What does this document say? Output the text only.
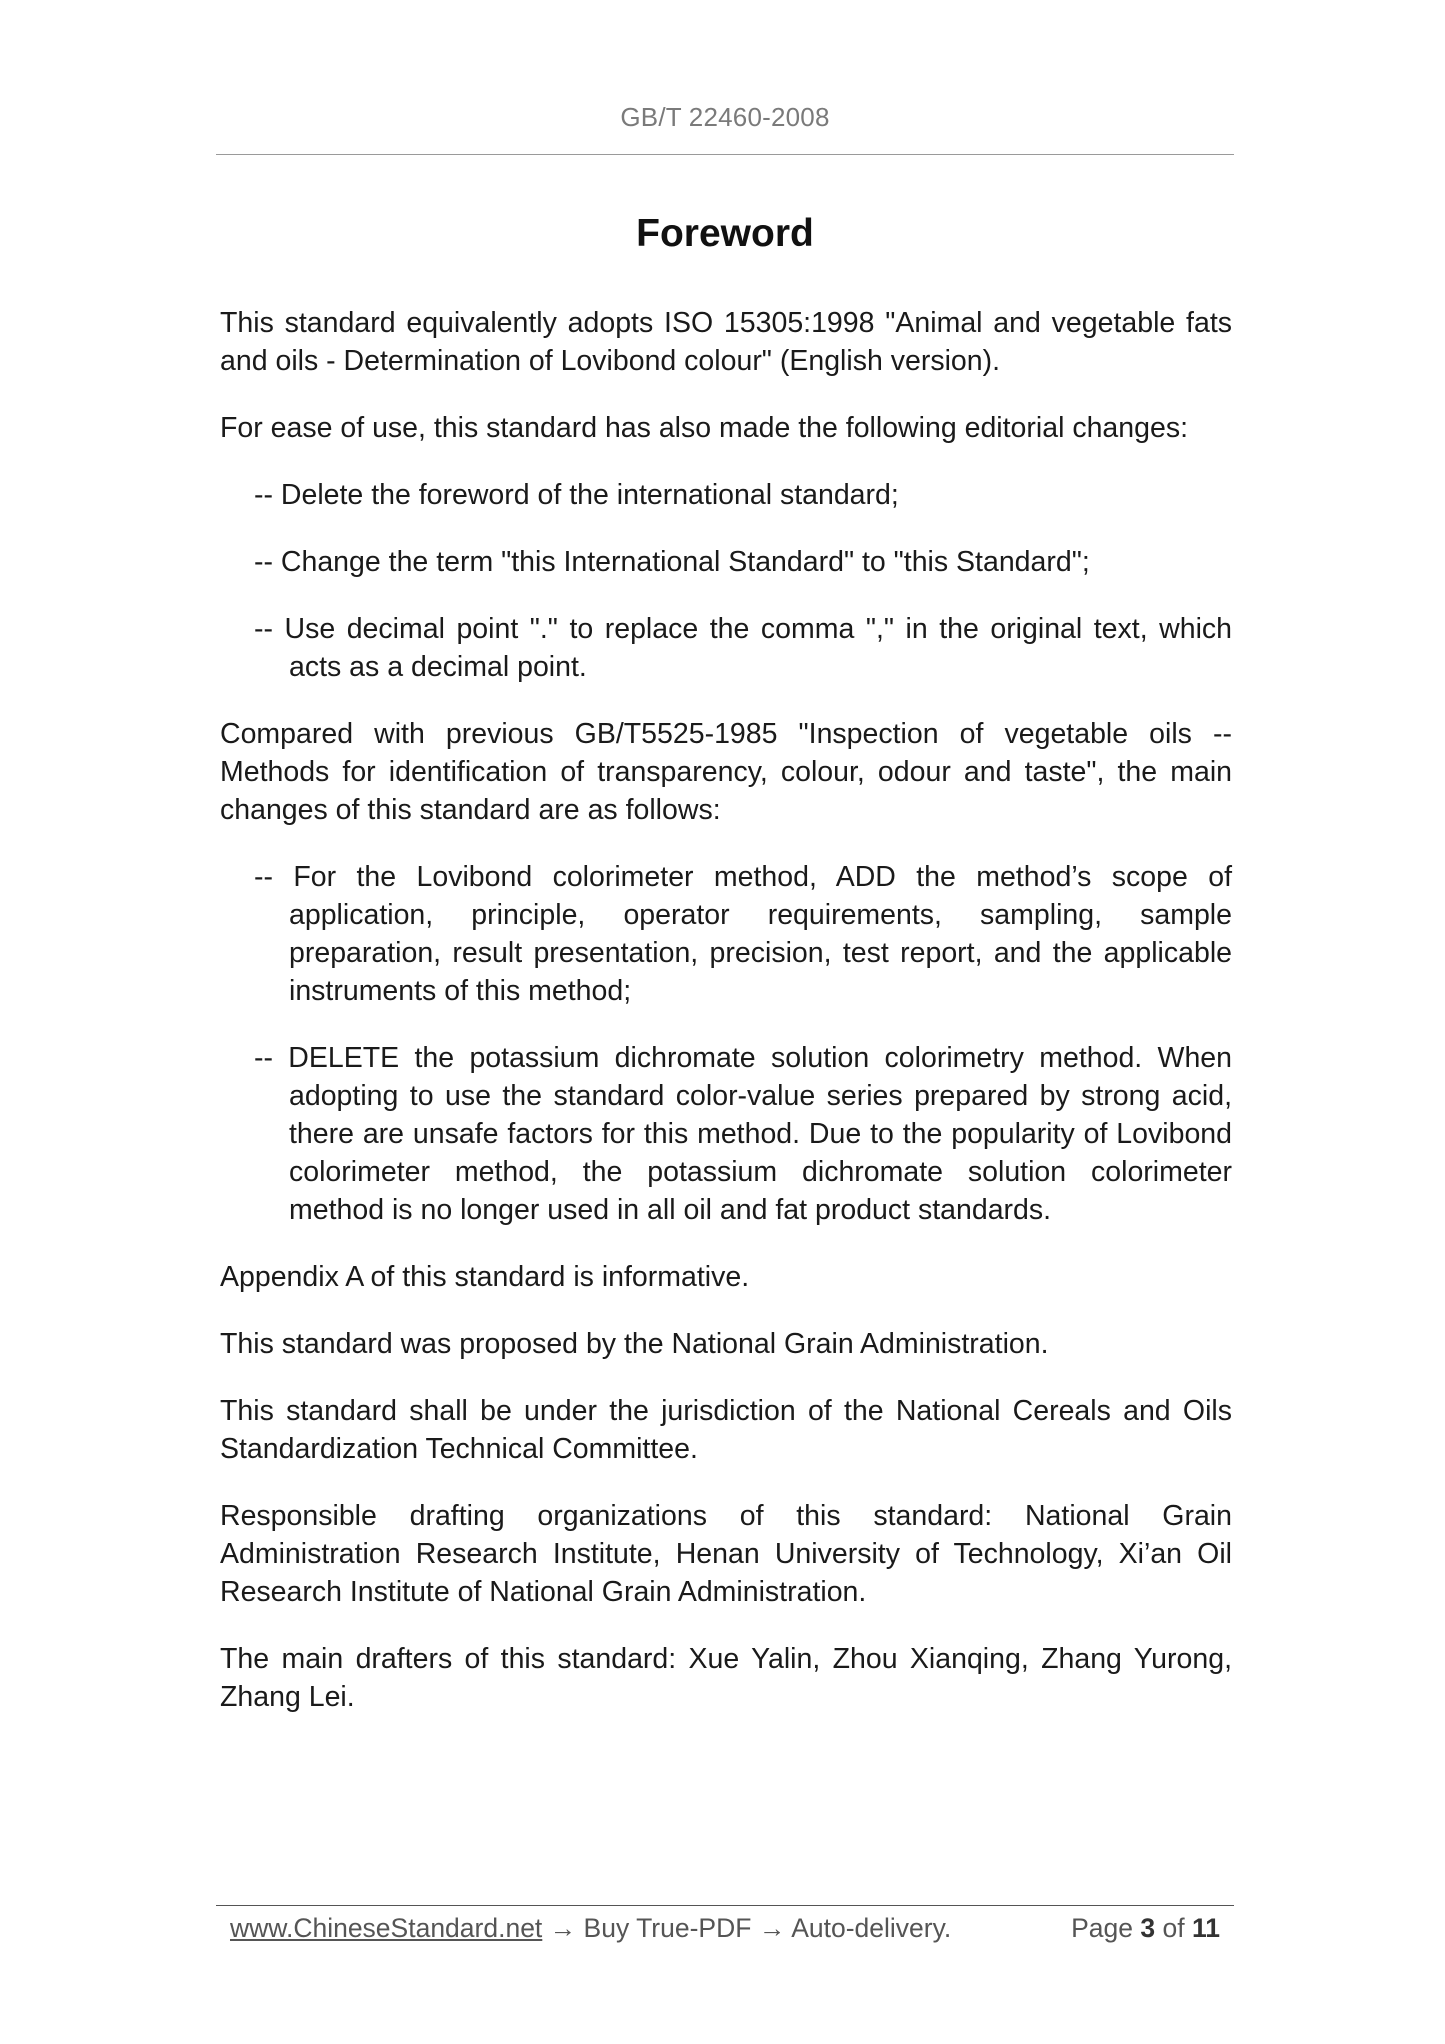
GB/T 22460-2008
Foreword

This standard equivalently adopts ISO 15305:1998 "Animal and vegetable fats and oils - Determination of Lovibond colour" (English version).

For ease of use, this standard has also made the following editorial changes:

-- Delete the foreword of the international standard;

-- Change the term "this International Standard" to "this Standard";

-- Use decimal point "." to replace the comma "," in the original text, which acts as a decimal point.

Compared with previous GB/T5525-1985 "Inspection of vegetable oils -- Methods for identification of transparency, colour, odour and taste", the main changes of this standard are as follows:

-- For the Lovibond colorimeter method, ADD the method’s scope of application, principle, operator requirements, sampling, sample preparation, result presentation, precision, test report, and the applicable instruments of this method;

-- DELETE the potassium dichromate solution colorimetry method. When adopting to use the standard color-value series prepared by strong acid, there are unsafe factors for this method. Due to the popularity of Lovibond colorimeter method, the potassium dichromate solution colorimeter method is no longer used in all oil and fat product standards.

Appendix A of this standard is informative.

This standard was proposed by the National Grain Administration.

This standard shall be under the jurisdiction of the National Cereals and Oils Standardization Technical Committee.

Responsible drafting organizations of this standard: National Grain Administration Research Institute, Henan University of Technology, Xi’an Oil Research Institute of National Grain Administration.

The main drafters of this standard: Xue Yalin, Zhou Xianqing, Zhang Yurong, Zhang Lei.

www.ChineseStandard.net → Buy True-PDF → Auto-delivery.	Page 3 of 11
